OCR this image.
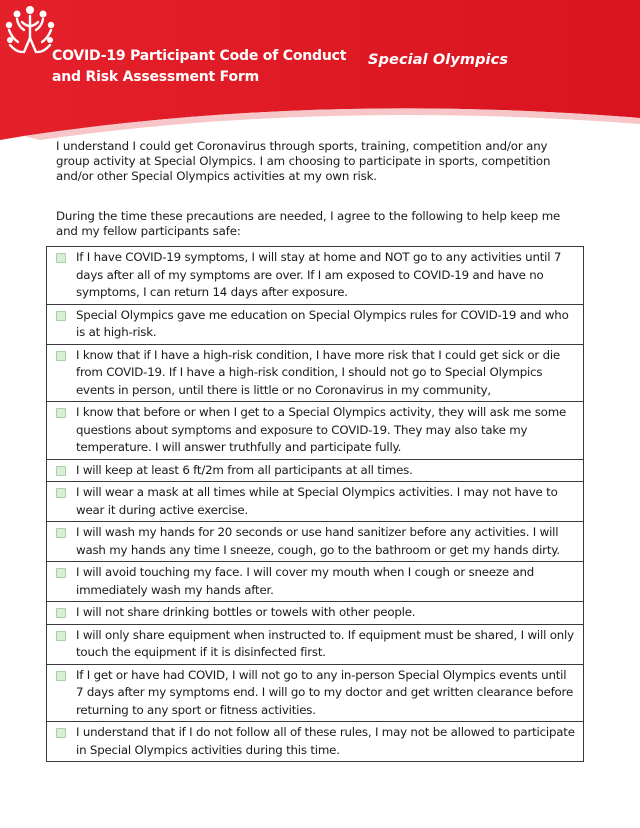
COVID-19 Participant Code of Conduct
and Risk Assessment Form
Special Olympics

I understand I could get Coronavirus through sports, training, competition and/or any group activity at Special Olympics. I am choosing to participate in sports, competition and/or other Special Olympics activities at my own risk.

During the time these precautions are needed, I agree to the following to help keep me and my fellow participants safe:

If I have COVID-19 symptoms, I will stay at home and NOT go to any activities until 7 days after all of my symptoms are over. If I am exposed to COVID-19 and have no symptoms, I can return 14 days after exposure.
Special Olympics gave me education on Special Olympics rules for COVID-19 and who is at high-risk.
I know that if I have a high-risk condition, I have more risk that I could get sick or die from COVID-19. If I have a high-risk condition, I should not go to Special Olympics events in person, until there is little or no Coronavirus in my community,
I know that before or when I get to a Special Olympics activity, they will ask me some questions about symptoms and exposure to COVID-19. They may also take my temperature. I will answer truthfully and participate fully.
I will keep at least 6 ft/2m from all participants at all times.
I will wear a mask at all times while at Special Olympics activities. I may not have to wear it during active exercise.
I will wash my hands for 20 seconds or use hand sanitizer before any activities. I will wash my hands any time I sneeze, cough, go to the bathroom or get my hands dirty.
I will avoid touching my face. I will cover my mouth when I cough or sneeze and immediately wash my hands after.
I will not share drinking bottles or towels with other people.
I will only share equipment when instructed to. If equipment must be shared, I will only touch the equipment if it is disinfected first.
If I get or have had COVID, I will not go to any in-person Special Olympics events until 7 days after my symptoms end. I will go to my doctor and get written clearance before returning to any sport or fitness activities.
I understand that if I do not follow all of these rules, I may not be allowed to participate in Special Olympics activities during this time.
